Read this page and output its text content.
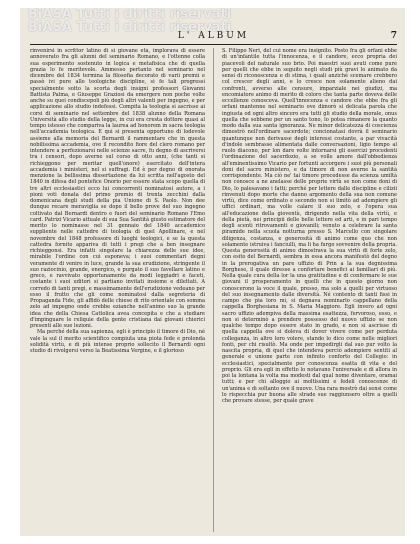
BiASA Tutti i diritti riservati
BiASA Tutti i diritti riservati
L' ALBUM	7

rinvenirsi in scrittor latino di si giovane età, implorava di essere annoverato fra gli alunni del seminario Romano, e l'ottenne colla sua esperimento sostenuto in logica e metafisica che di quella grazia lo fe meritevole. Ammesso pertanto nel seminario nel dicembre del 1834 termina la filosofia decorato di varii premii e passò ivi pure allo teologiche discipline, si fe tali progressi specialmente sotto la scorta degli insigni professori Giovanni Battista Palma, e Giuseppe Graziosi da emergere non poche volte anche su quei condiscepoli più degli altri valenti per ingegno, e per applicazione allo studio indefessi. Compita la teologia si ascrisse ai corsi di seminario nel settembre del 1838 alunno della Romana Università allo studio della legge, in cui era cresta dottore quasi al tempo istesso che compariva la laurea ad honorem in sacra teologia nell'accademia teologica. E qui si presenta opportuno di lodevole assieme alla memoria del Bernardi il rammentare che in questa nobilissima accademia, ove il recondito fiore del clero romano per intendere a perfezionarsi nelle scienze sacre, fu degno di ascriversi tra i censori, dopo averne sul corso di otto anni, (che tanti si richieggono per meritar quell'onore) esercitato dell'intera accademia i ministeri, nel si suffragi. Ed è per degno di onorata menzione la bellissima dissertazione da lui scritta nell'agosto del 1840 in difesa del pontefice Onorio per essere stata scopo quella di tre altri ecclesiastici ecco lui concorrenti nominatosi autore, a i pioni voti donata del primo premio di trenta zecchini dalla domenicana degli studi della pia Unione di S. Paolo. Non dee dunque recare meraviglia se dopo il bello prove del suo ingegno coltivato dal Bernardi dentro e fuori del seminario Romano l'Emo card. Patrizi Vicario attuale di sua Sua Santità giusto estimatore del merito lo nominasse nel 31 gennaio del 1840 accademico suppliente nelle cattedre di teologia di quel Apollinare, e nel novembre del 1848 professore di luoghi teologici, e se la questa cattedra fornito appariva di tutti i pregi che a ben insegnare richieggonsi. Era infatti singolare la chiarezza delle sue idee, mirabile l'ordine con cui esponeva; i suoi commentari degni veramente di venire in luce, grande la sua erudizione, stringente il suo raziocinio, grande, energico, e purgato il suo favellare latino e greco, e ravvivato opportunamente da modi leggiadri e faceti, costante i suoi uditori si partiano invitati insieme e dilettati. A corredo di tanti pregi, e massimamente dell'erudizione vedeano per esso il frutto che gli come nominatosi dalla segreteria di Propaganda Fide, gli affidò delle chiese di rito orientale con somma zelo ad impegno onde crebbe ezianche nell'animo suo la grande idea che della Chiesa Cattolica avea concepita e che a studiare d'impinguare le reliquie della gente cristiana dai giovani chierici presenti alle sue lezioni.

Ma perché della sua sapienza, egli è principio il timore di Dio, né vale la sul il merito scientifico compiuta una piota fede e prolonda solidità virtù, e di più intense proprio sollecito il Bernardi ogni studio di rivolgersi verso la Beatissima Vergine, e il glorioso

S. Filippo Neri, del cui nome era insignito. Posto fra gli orfani ebbe di un'infantile tutta l'innocenza, e il candore, ecco propria dei piacevoli del naturale suo brio. Poi maestri suoi avuti come pure per quelli che ebbe in seguito negli studi più gravi lo animato da sensi di riconoscenza e di stima, i quali anziché scemare crebbero col crescer degli anni, e lo cresce non solamente alieno dai confronti, avverso alle censure, imparziale nei giudizi, ma encomiatore animo di merito di coloro che tanta parte doveva delle eccellenze conosceva. Quell'innocenza e candore che ebbe fra gli orfani mantenne nel seminario ove dimorò si delicata parola che ingiusta od ogni altro sincero era tutti gli studio della morale, onus quella che sebbene per un santo tono, lo potea rimanere la quanto modo dalla sua santa ignoranza. Ne minor delicatezza di coscienza dimostrò nell'ordinare sacerdote; concionatasi dovrà il seminario quantunque non derivasse degli interessi costante, a par vivacità d'indole sembrasse alimentata dalle conversazioni, ligio tempo al ruolo diacono, per lon dare volte intornarsi gli esercizi procedenti l'ordinazione del sacerdozio, a se volle amore dall'obbedienza all'eminentissimo Vicario per fortunti accorgere i suoi più personali doni del sacro ministero, e da timore di non averne la santità corrispondente. Ma ciò ne' tai timore procedesse da scienza umiltà non conosce a ne anelasse delle proprie virtù se non come doni di Dio, lo palesavano i fatti; perché per lettere dalle discipline e cilizii rinvenuti dopo morte che danno argomento della sua non comune virtù, dice come ordinato e secondo non si limitò ad adempiere gli uffici ordinari, ma volle calare il suo zelo, e l'opera sua all'educazione della gioventù, dirigendo nella vita della virtù, e della pietà, nei principii delle belle lettere ed arti, e in pari tempo degli scenti ritrovamenti e giovanili; venuto a celebrare la santa piramide nella scuola notturna presso S. Marcello con singolare diligenza, costanza, e generosità di animo come quo che non solamente istruiva i fanciulli, ma li ha furgo sovvenire della propria. Questa generosità di animo dimostrava la sua virtù di forte zelo, con esito del Bernardi, sembra in essa ancora manifestò del degno in la prerogativa un pare uffizio di Prin a la sua degnissima Borghese, il quale diresse a confortare benefici ai familiari di più. Nella quale cura della lor la una gratitudine e di confermare le sue giovani il prosperamento in quelli che in questo giorno non conoscerono la voce il quale, presso, ma solo a quelli per virtuoso del suo insegnamento dalle diversità. Né contento di tanti fissi in campo che pia loro mi, si degnava nominarlo cappellano della cappella Borghesiana in S. Maria Maggiore. Egli invero ad ogni sacro uffizio adempiva della massima esattezza, fervoroso, esso, e non si determinò a prendere possesso del nuovo uffizio se non qualche tempo dopo essere stato in grado, e non si ascrisse di quella cappella ove si doleva di dover vivere come per perduta colleganza, in altro loro volere, stando lo dico come nelle migliori fonti, per chi risultò. Ma onde per impedirgli dal suo pur volto la nascita propria, di quel che intendeva perciò adempiere sentiti al generale e unione parte con infinito conforto del Collegio: in ecclesiastici, specialmente per conoscenza esatta di vita e del proprio. Gli era egli in effetto lo notavano l'universale e di allora in poi la lontana la volta ma modesti dal qual nome diventare, oramai tutti; e per chi alloggio ai moltissimi e fedeli conoscenze di un'anima e di soltanto ove il nuovo. Una rara mostrò dai sensi come lo rispecchia pur buona alle strade sue raggiunsero oltre a quelli che provare stesse, per quale grave
